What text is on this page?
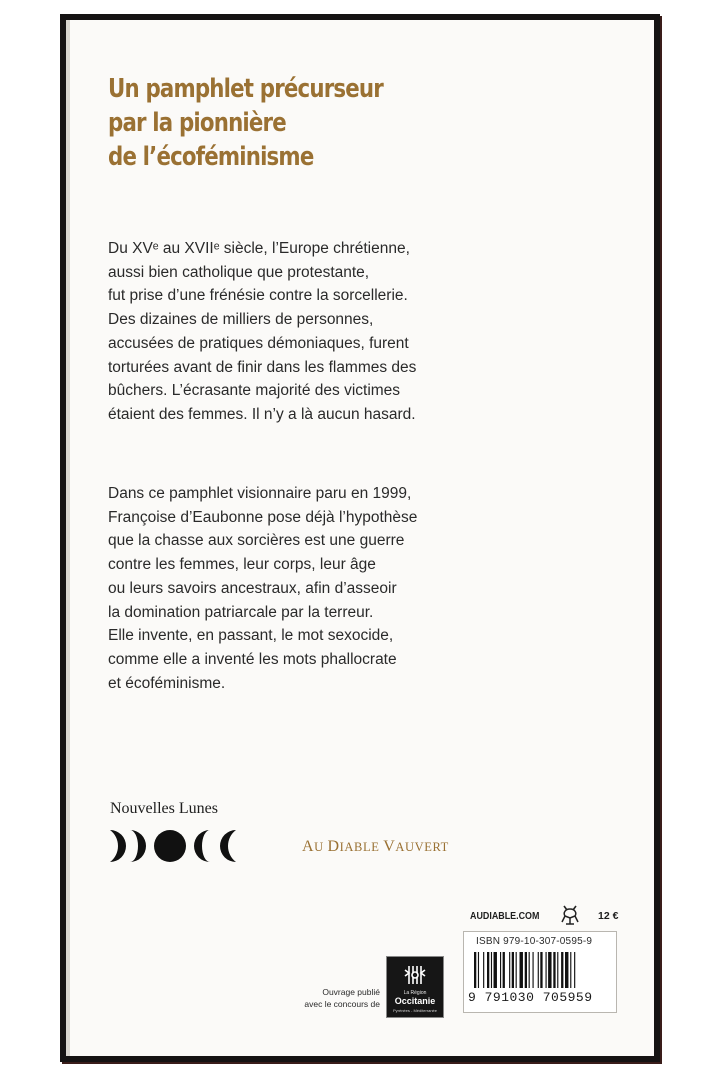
Un pamphlet précurseur
par la pionnière
de l’écoféminisme

Du XVᵉ au XVIIᵉ siècle, l’Europe chrétienne,
aussi bien catholique que protestante,
fut prise d’une frénésie contre la sorcellerie.
Des dizaines de milliers de personnes,
accusées de pratiques démoniaques, furent
torturées avant de finir dans les flammes des
bûchers. L’écrasante majorité des victimes
étaient des femmes. Il n’y a là aucun hasard.

Dans ce pamphlet visionnaire paru en 1999,
Françoise d’Eaubonne pose déjà l’hypothèse
que la chasse aux sorcières est une guerre
contre les femmes, leur corps, leur âge
ou leurs savoirs ancestraux, afin d’asseoir
la domination patriarcale par la terreur.
Elle invente, en passant, le mot sexocide,
comme elle a inventé les mots phallocrate
et écoféminisme.

Nouvelles Lunes
AU DIABLE VAUVERT
AUDIABLE.COM	12 €
ISBN 979-10-307-0595-9
9 791030 705959
Ouvrage publié
avec le concours de
La Région
Occitanie
Pyrénées - Méditerranée
